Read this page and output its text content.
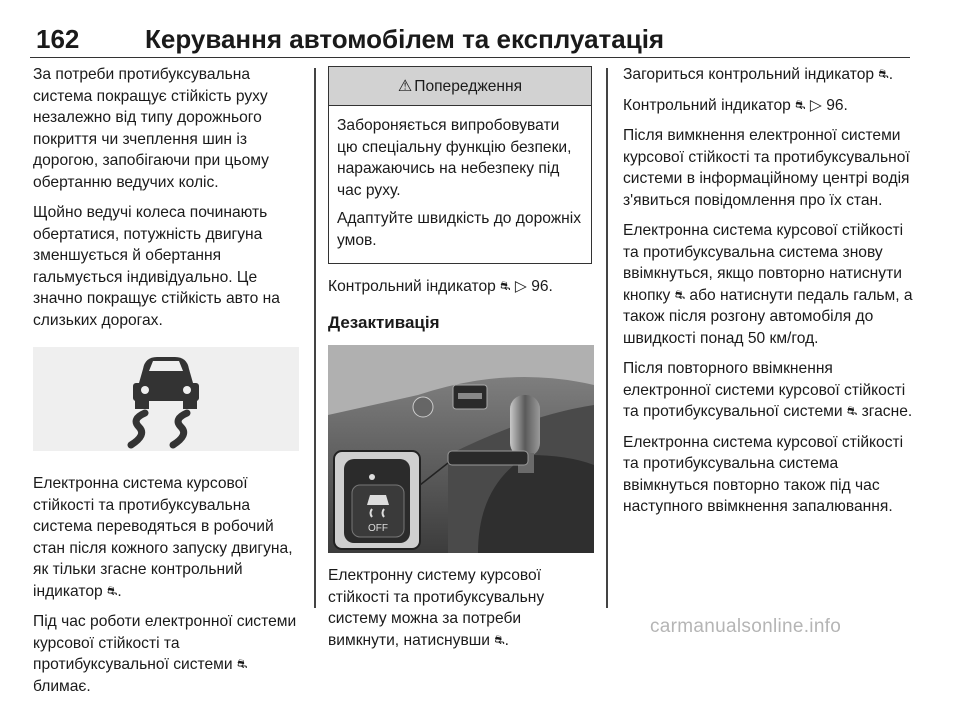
162	Керування автомобілем та експлуатація

За потреби протибуксувальна система покращує стійкість руху незалежно від типу дорожнього покриття чи зчеплення шин із дорогою, запобігаючи при цьому обертанню ведучих коліс.

Щойно ведучі колеса починають обертатися, потужність двигуна зменшується й обертання гальмується індивідуально. Це значно покращує стійкість авто на слизьких дорогах.

Електронна система курсової стійкості та протибуксувальна система переводяться в робочий стан після кожного запуску двигуна, як тільки згасне контрольний індикатор ⛐.

Під час роботи електронної системи курсової стійкості та протибуксувальної системи ⛐
блимає.

⚠ Попередження

Забороняється випробовувати цю спеціальну функцію безпеки, наражаючись на небезпеку під час руху.

Адаптуйте швидкість до дорожніх умов.

Контрольний індикатор ⛐ ▷ 96.

Дезактивація
OFF

Електронну систему курсової стійкості та протибуксувальну систему можна за потреби вимкнути, натиснувши ⛐.

Загориться контрольний індикатор ⛐.

Контрольний індикатор ⛐ ▷ 96.

Після вимкнення електронної системи курсової стійкості та протибуксувальної системи в інформаційному центрі водія з'явиться повідомлення про їх стан.

Електронна система курсової стійкості та протибуксувальна система знову ввімкнуться, якщо повторно натиснути кнопку ⛐ або натиснути педаль гальм, а також після розгону автомобіля до швидкості понад 50 км/год.

Після повторного ввімкнення електронної системи курсової стійкості та протибуксувальної системи ⛐ згасне.

Електронна система курсової стійкості та протибуксувальна система ввімкнуться повторно також під час наступного ввімкнення запалювання.

carmanualsonline.info
